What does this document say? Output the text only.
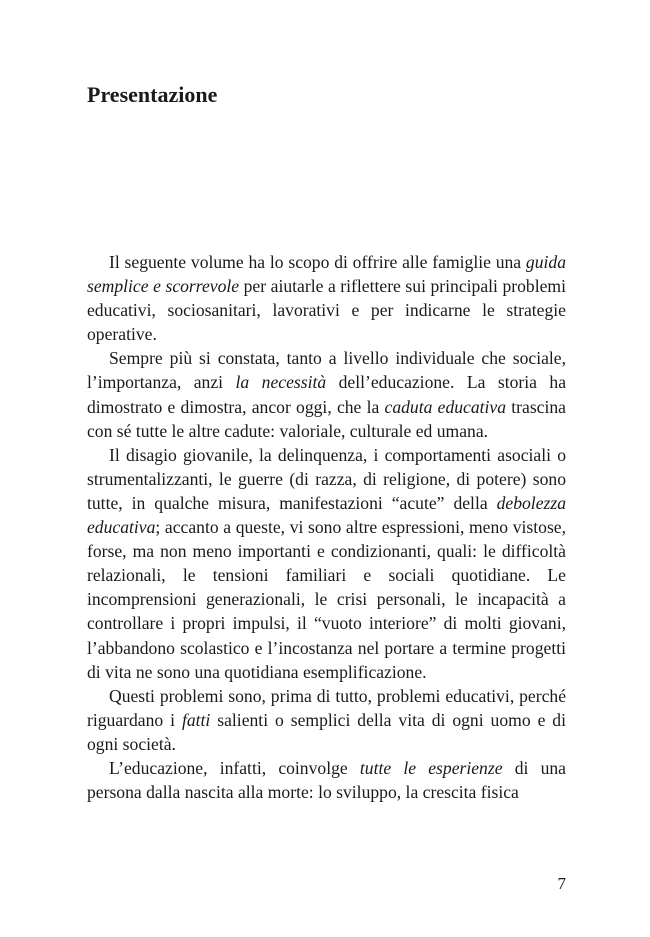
Presentazione

Il seguente volume ha lo scopo di offrire alle famiglie una guida semplice e scorrevole per aiutarle a riflettere sui principali problemi educativi, sociosanitari, lavorativi e per indicarne le strategie operative.

Sempre più si constata, tanto a livello individuale che sociale, l’importanza, anzi la necessità dell’educazione. La storia ha dimostrato e dimostra, ancor oggi, che la caduta educativa trascina con sé tutte le altre cadute: valoriale, culturale ed umana.

Il disagio giovanile, la delinquenza, i comportamenti asociali o strumentalizzanti, le guerre (di razza, di religione, di potere) sono tutte, in qualche misura, manifestazioni “acute” della debolezza educativa; accanto a queste, vi sono altre espressioni, meno vistose, forse, ma non meno importanti e condizionanti, quali: le difficoltà relazionali, le tensioni familiari e sociali quotidiane. Le incomprensioni generazionali, le crisi personali, le incapacità a controllare i propri impulsi, il “vuoto interiore” di molti giovani, l’abbandono scolastico e l’incostanza nel portare a termine progetti di vita ne sono una quotidiana esemplificazione.

Questi problemi sono, prima di tutto, problemi educativi, perché riguardano i fatti salienti o semplici della vita di ogni uomo e di ogni società.

L’educazione, infatti, coinvolge tutte le esperienze di una persona dalla nascita alla morte: lo sviluppo, la crescita fisica

7
